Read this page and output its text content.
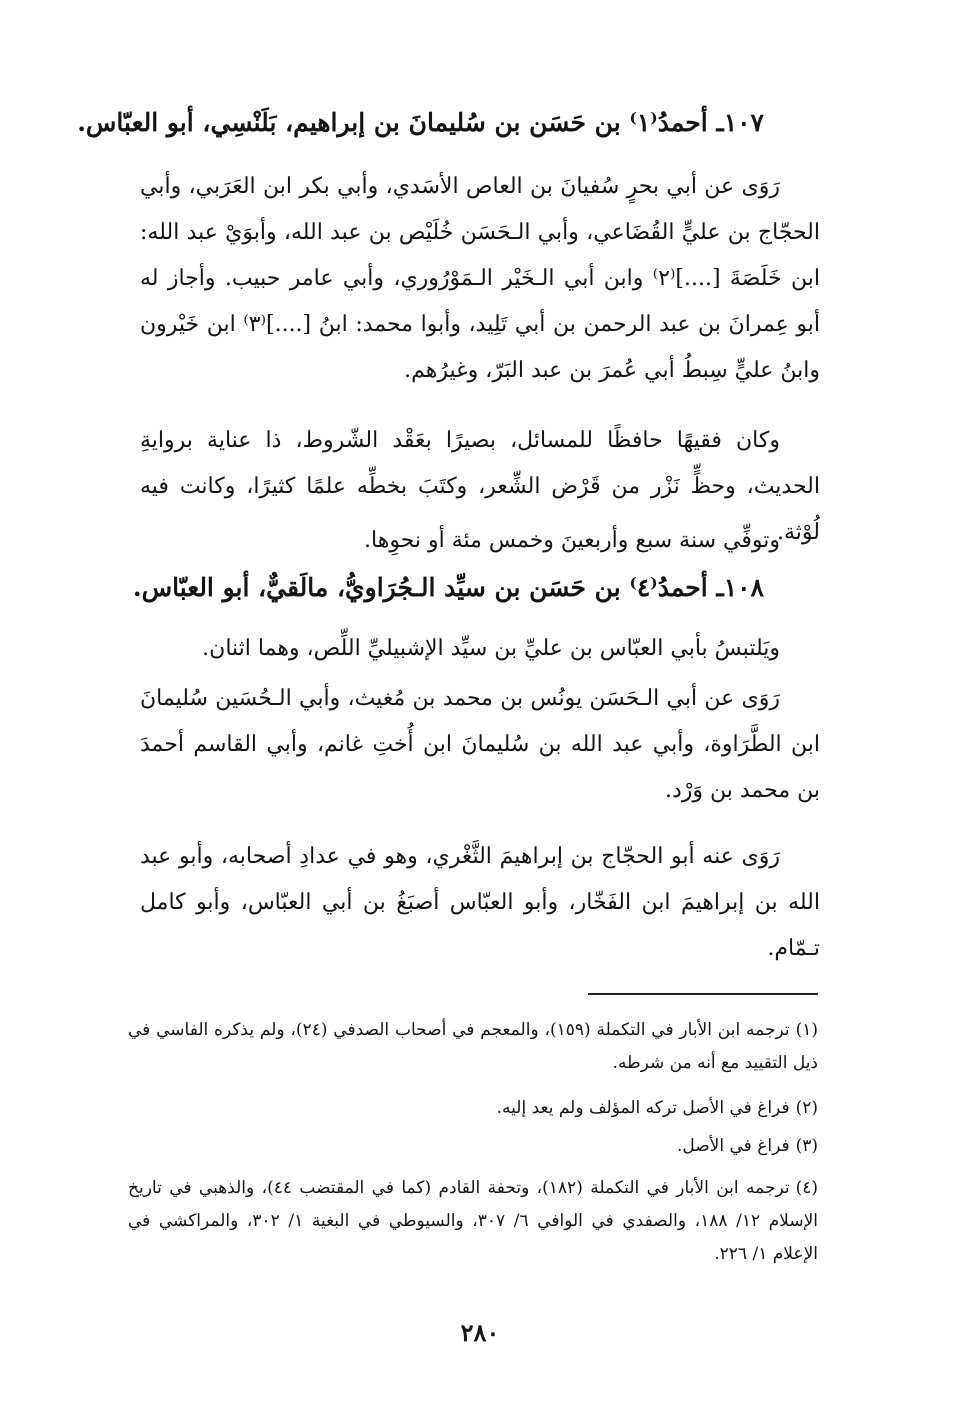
١٠٧ـ أحمدُ⁽١⁾ بن حَسَن بن سُليمانَ بن إبراهيم، بَلَنْسِي، أبو العبّاس.
رَوَى عن أبي بحرٍ سُفيانَ بن العاص الأسَدي، وأبي بكر ابن العَرَبي، وأبي الحجّاج بن عليٍّ القُضَاعي، وأبي الـحَسَن خُلَيْص بن عبد الله، وأبوَيْ عبد الله: ابن خَلَصَةَ [....]⁽٢⁾ وابن أبي الـخَيْر الـمَوْرُوري، وأبي عامر حبيب. وأجاز له أبو عِمرانَ بن عبد الرحمن بن أبي تَلِيد، وأبوا محمد: ابنُ [....]⁽٣⁾ ابن خَيْرون وابنُ عليٍّ سِبطُ أبي عُمرَ بن عبد البَرّ، وغيرُهم.
وكان فقيهًا حافظًا للمسائل، بصيرًا بعَقْد الشّروط، ذا عناية بروايةِ الحديث، وحظٍّ نَزْر من قَرْض الشِّعر، وكتَبَ بخطِّه علمًا كثيرًا، وكانت فيه لُوْثة.
وتوفِّي سنة سبع وأربعينَ وخمس مئة أو نحوِها.
١٠٨ـ أحمدُ⁽٤⁾ بن حَسَن بن سيِّد الـجُرَاويُّ، مالَقيٌّ، أبو العبّاس.
ويَلتبسُ بأبي العبّاس بن عليِّ بن سيِّد الإشبيليِّ اللِّص، وهما اثنان.
رَوَى عن أبي الـحَسَن يونُس بن محمد بن مُغيث، وأبي الـحُسَين سُليمانَ ابن الطَّرَاوة، وأبي عبد الله بن سُليمانَ ابن أُختِ غانم، وأبي القاسم أحمدَ بن محمد بن وَرْد.
رَوَى عنه أبو الحجّاج بن إبراهيمَ الثَّغْري، وهو في عدادِ أصحابه، وأبو عبد الله بن إبراهيمَ ابن الفَخّار، وأبو العبّاس أصبَغُ بن أبي العبّاس، وأبو كامل تـمّام.
(١)ترجمه ابن الأبار في التكملة (١٥٩)، والمعجم في أصحاب الصدفي (٢٤)، ولم يذكره الفاسي في ذيل التقييد مع أنه من شرطه.
(٢)فراغ في الأصل تركه المؤلف ولم يعد إليه.
(٣)فراغ في الأصل.
(٤)ترجمه ابن الأبار في التكملة (١٨٢)، وتحفة القادم (كما في المقتضب ٤٤)، والذهبي في تاريخ الإسلام ١٢/ ١٨٨، والصفدي في الوافي ٦/ ٣٠٧، والسيوطي في البغية ١/ ٣٠٢، والمراكشي في الإعلام ١/ ٢٢٦.
٢٨٠
